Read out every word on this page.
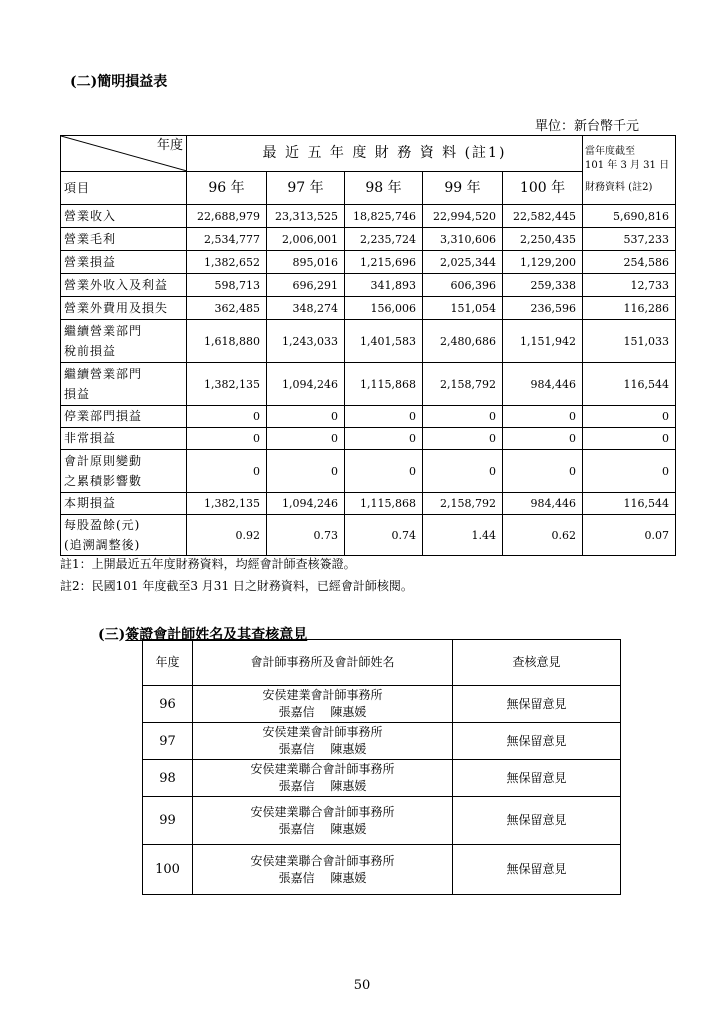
(二)簡明損益表
單位：新台幣千元
年度	最 近 五 年 度 財 務 資 料 (註1)					當年度截至
101 年 3 月 31 日
財務資料 (註2)

項目	96 年	97 年	98 年	99 年	100 年	

營業收入	22,688,979	23,313,525	18,825,746	22,994,520	22,582,445	5,690,816

營業毛利	2,534,777	2,006,001	2,235,724	3,310,606	2,250,435	537,233

營業損益	1,382,652	895,016	1,215,696	2,025,344	1,129,200	254,586

營業外收入及利益	598,713	696,291	341,893	606,396	259,338	12,733

營業外費用及損失	362,485	348,274	156,006	151,054	236,596	116,286

繼續營業部門
稅前損益	1,618,880	1,243,033	1,401,583	2,480,686	1,151,942	151,033

繼續營業部門
損益	1,382,135	1,094,246	1,115,868	2,158,792	984,446	116,544

停業部門損益	0	0	0	0	0	0

非常損益	0	0	0	0	0	0

會計原則變動
之累積影響數	0	0	0	0	0	0

本期損益	1,382,135	1,094,246	1,115,868	2,158,792	984,446	116,544

每股盈餘(元)
(追溯調整後)	0.92	0.73	0.74	1.44	0.62	0.07
註1：上開最近五年度財務資料，均經會計師查核簽證。
註2：民國101 年度截至3 月31 日之財務資料，已經會計師核閱。
(三)簽證會計師姓名及其查核意見
年度	會計師事務所及會計師姓名	查核意見
96	安侯建業會計師事務所
張嘉信　 陳惠媛	無保留意見
97	安侯建業會計師事務所
張嘉信　 陳惠媛	無保留意見
98	安侯建業聯合會計師事務所
張嘉信　 陳惠媛	無保留意見
99	安侯建業聯合會計師事務所
張嘉信　 陳惠媛	無保留意見
100	安侯建業聯合會計師事務所
張嘉信　 陳惠媛	無保留意見
50
